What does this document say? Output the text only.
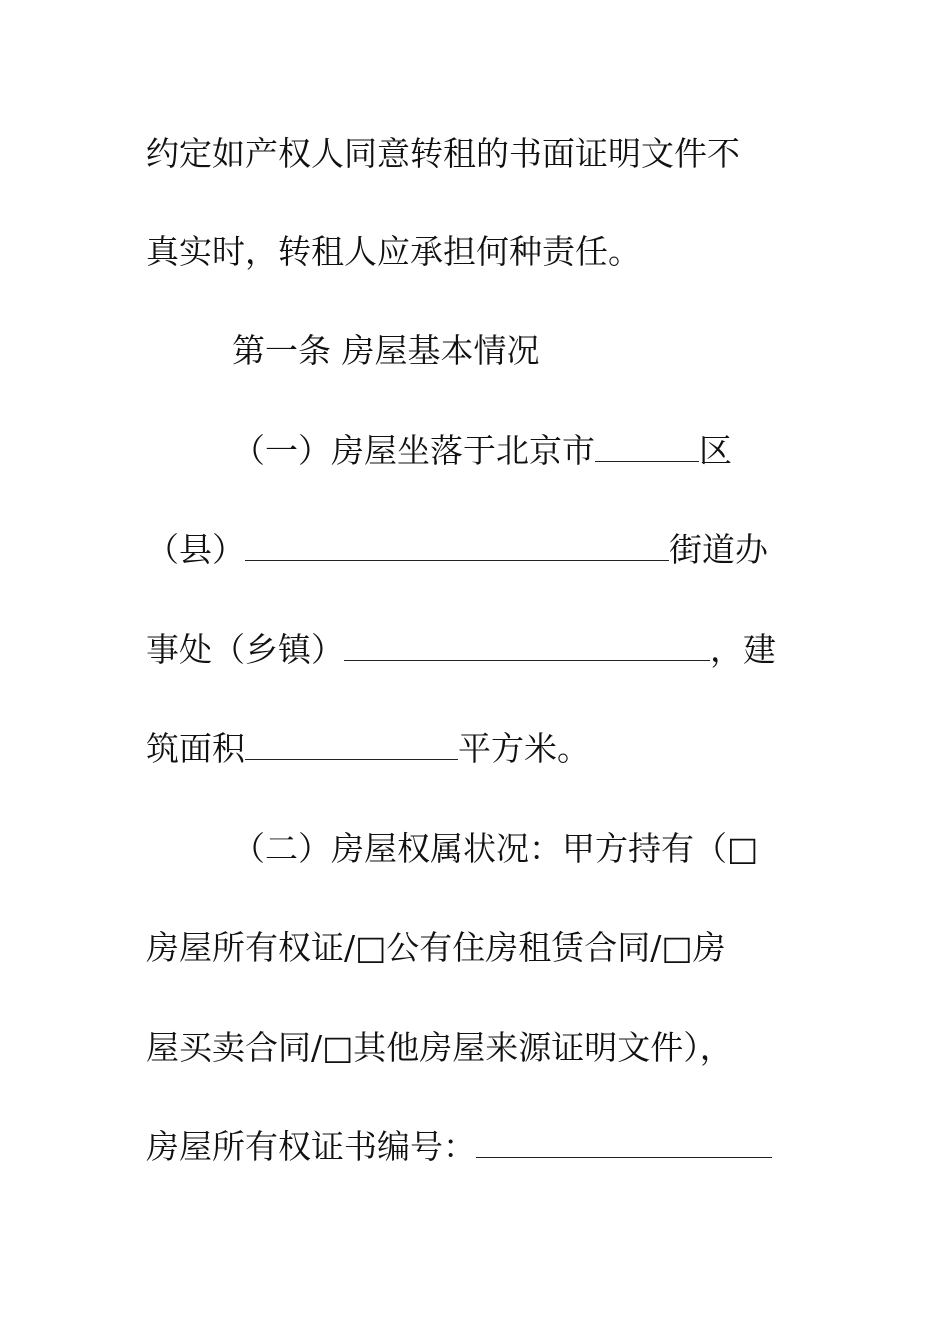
约定如产权人同意转租的书面证明文件不
真实时，转租人应承担何种责任。
第一条 房屋基本情况
（一）房屋坐落于北京市	区
（县）	街道办
事处（乡镇）	，建
筑面积	平方米。
（二）房屋权属状况：甲方持有（□
房屋所有权证/□公有住房租赁合同/□房
屋买卖合同/□其他房屋来源证明文件），
房屋所有权证书编号：
